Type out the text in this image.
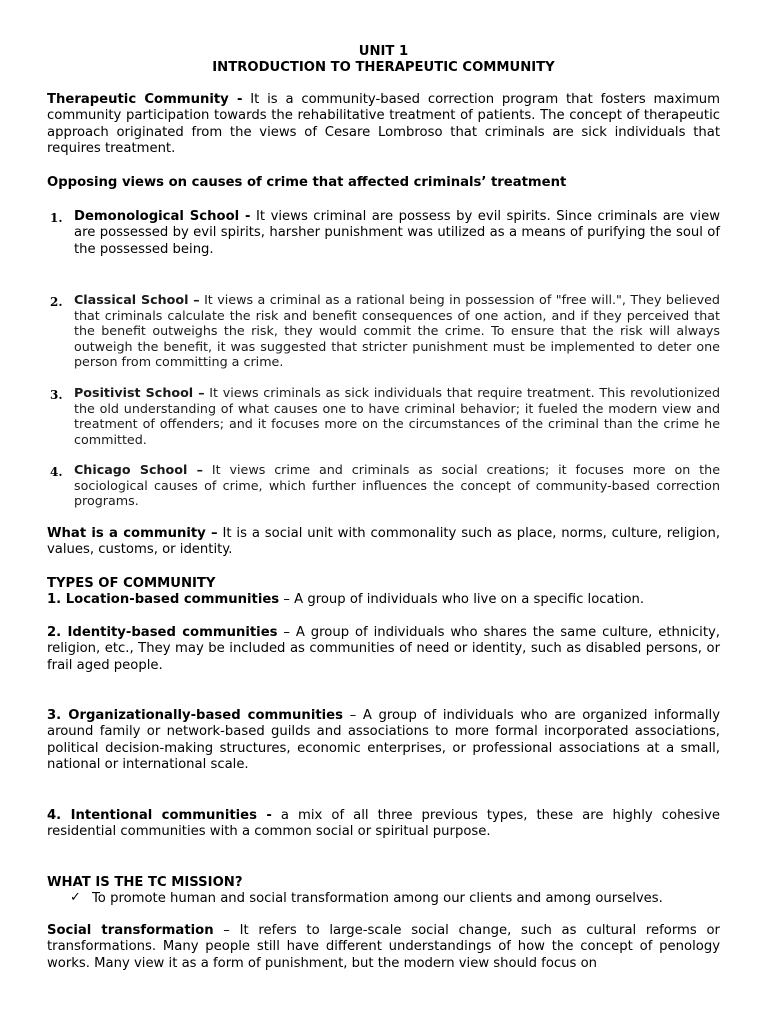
UNIT 1

INTRODUCTION TO THERAPEUTIC COMMUNITY

Therapeutic Community - It is a community-based correction program that fosters maximum community participation towards the rehabilitative treatment of patients. The concept of therapeutic approach originated from the views of Cesare Lombroso that criminals are sick individuals that requires treatment.

Opposing views on causes of crime that affected criminals’ treatment

1. Demonological School - It views criminal are possess by evil spirits. Since criminals are view are possessed by evil spirits, harsher punishment was utilized as a means of purifying the soul of the possessed being.

2. Classical School – It views a criminal as a rational being in possession of "free will.", They believed that criminals calculate the risk and benefit consequences of one action, and if they perceived that the benefit outweighs the risk, they would commit the crime. To ensure that the risk will always outweigh the benefit, it was suggested that stricter punishment must be implemented to deter one person from committing a crime.

3. Positivist School – It views criminals as sick individuals that require treatment. This revolutionized the old understanding of what causes one to have criminal behavior; it fueled the modern view and treatment of offenders; and it focuses more on the circumstances of the criminal than the crime he committed.

4. Chicago School – It views crime and criminals as social creations; it focuses more on the sociological causes of crime, which further influences the concept of community-based correction programs.

What is a community – It is a social unit with commonality such as place, norms, culture, religion, values, customs, or identity.

TYPES OF COMMUNITY

1. Location-based communities – A group of individuals who live on a specific location.

2. Identity-based communities – A group of individuals who shares the same culture, ethnicity, religion, etc., They may be included as communities of need or identity, such as disabled persons, or frail aged people.

3. Organizationally-based communities – A group of individuals who are organized informally around family or network-based guilds and associations to more formal incorporated associations, political decision-making structures, economic enterprises, or professional associations at a small, national or international scale.

4. Intentional communities - a mix of all three previous types, these are highly cohesive residential communities with a common social or spiritual purpose.

WHAT IS THE TC MISSION?

✓ To promote human and social transformation among our clients and among ourselves.

Social transformation – It refers to large-scale social change, such as cultural reforms or transformations. Many people still have different understandings of how the concept of penology works. Many view it as a form of punishment, but the modern view should focus on
